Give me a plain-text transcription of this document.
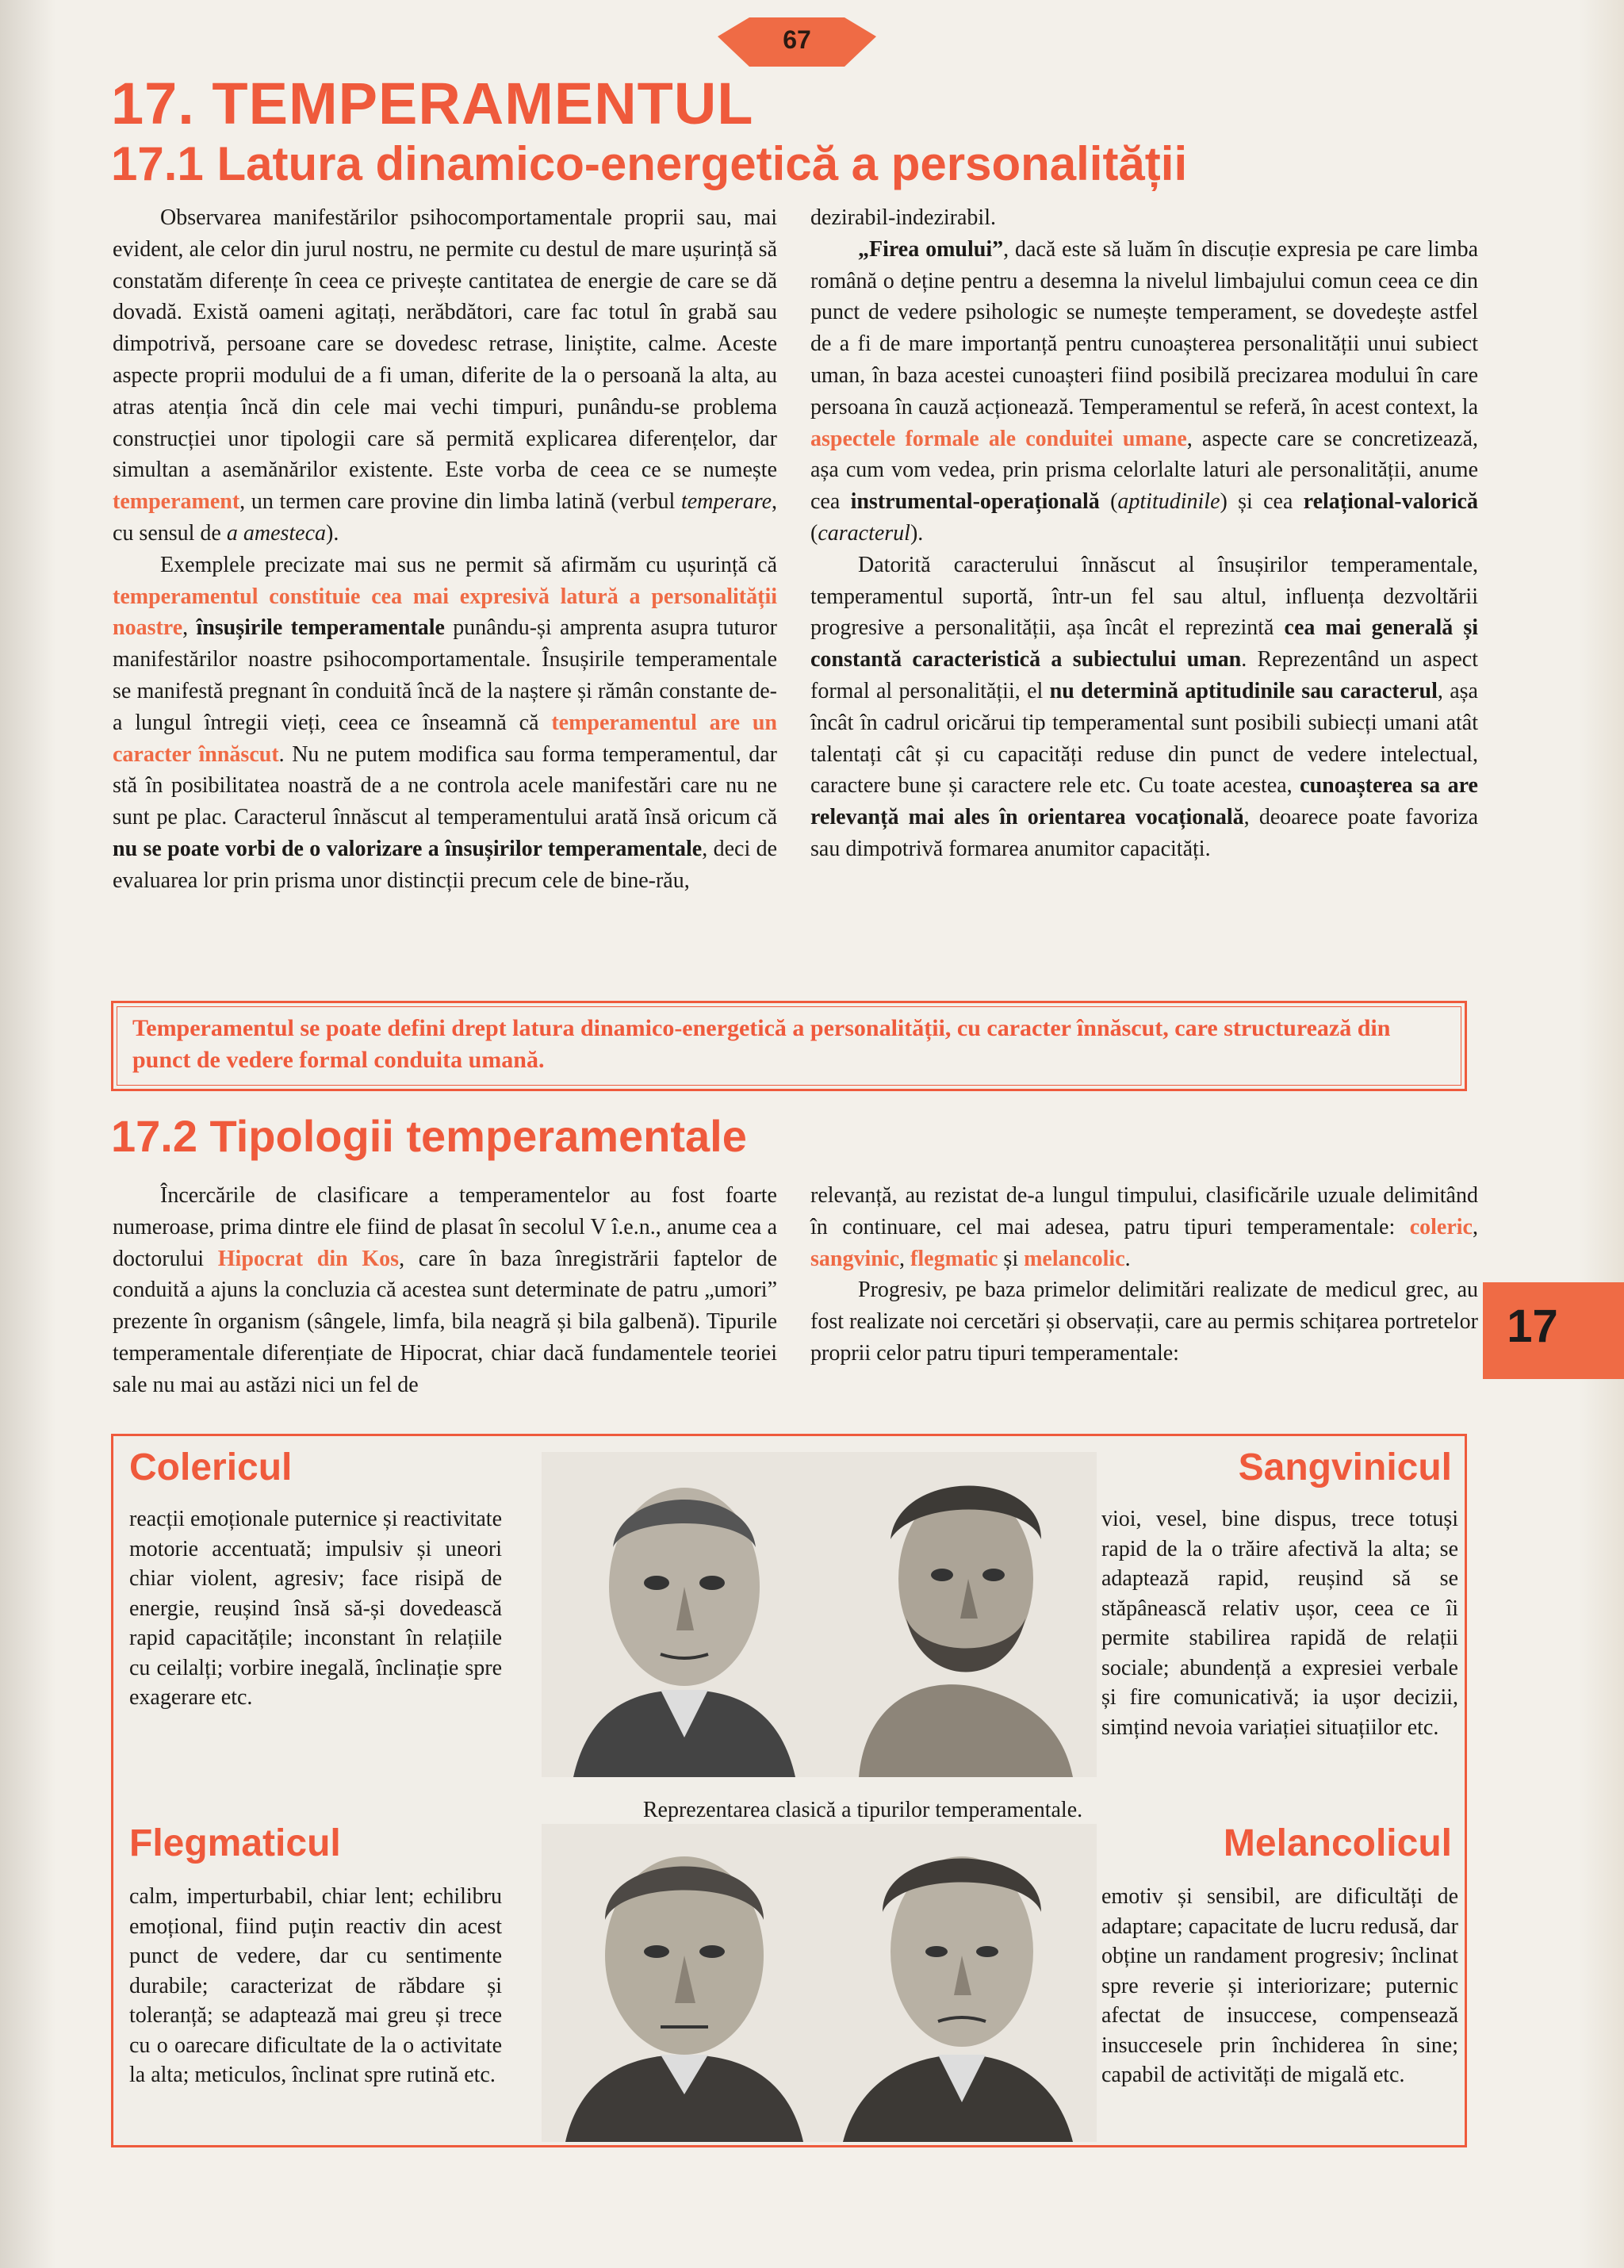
67
17. TEMPERAMENTUL
17.1 Latura dinamico-energetică a personalității

Observarea manifestărilor psihocomportamentale proprii sau, mai evident, ale celor din jurul nostru, ne permite cu destul de mare ușurință să constatăm diferențe în ceea ce privește cantitatea de energie de care se dă dovadă. Există oameni agitați, nerăbdători, care fac totul în grabă sau dimpotrivă, persoane care se dovedesc retrase, liniștite, calme. Aceste aspecte proprii modului de a fi uman, diferite de la o persoană la alta, au atras atenția încă din cele mai vechi timpuri, punându-se problema construcției unor tipologii care să permită explicarea diferențelor, dar simultan a asemănărilor existente. Este vorba de ceea ce se numește temperament, un termen care provine din limba latină (verbul temperare, cu sensul de a amesteca).

Exemplele precizate mai sus ne permit să afirmăm cu ușurință că temperamentul constituie cea mai expresivă latură a personalității noastre, însușirile temperamentale punându-și amprenta asupra tuturor manifestărilor noastre psihocomportamentale. Însușirile temperamentale se manifestă pregnant în conduită încă de la naștere și rămân constante de-a lungul întregii vieți, ceea ce înseamnă că temperamentul are un caracter înnăscut. Nu ne putem modifica sau forma temperamentul, dar stă în posibilitatea noastră de a ne controla acele manifestări care nu ne sunt pe plac. Caracterul înnăscut al temperamentului arată însă oricum că nu se poate vorbi de o valorizare a însușirilor temperamentale, deci de evaluarea lor prin prisma unor distincții precum cele de bine-rău,

dezirabil-indezirabil.

„Firea omului”, dacă este să luăm în discuție expresia pe care limba română o deține pentru a desemna la nivelul limbajului comun ceea ce din punct de vedere psihologic se numește temperament, se dovedește astfel de a fi de mare importanță pentru cunoașterea personalității unui subiect uman, în baza acestei cunoașteri fiind posibilă precizarea modului în care persoana în cauză acționează. Temperamentul se referă, în acest context, la aspectele formale ale conduitei umane, aspecte care se concretizează, așa cum vom vedea, prin prisma celorlalte laturi ale personalității, anume cea instrumental-operațională (aptitudinile) și cea relațional-valorică (caracterul).

Datorită caracterului înnăscut al însușirilor temperamentale, temperamentul suportă, într-un fel sau altul, influența dezvoltării progresive a personalității, așa încât el reprezintă cea mai generală și constantă caracteristică a subiectului uman. Reprezentând un aspect formal al personalității, el nu determină aptitudinile sau caracterul, așa încât în cadrul oricărui tip temperamental sunt posibili subiecți umani atât talentați cât și cu capacități reduse din punct de vedere intelectual, caractere bune și caractere rele etc. Cu toate acestea, cunoașterea sa are relevanță mai ales în orientarea vocațională, deoarece poate favoriza sau dimpotrivă formarea anumitor capacități.

Temperamentul se poate defini drept latura dinamico-energetică a personalității, cu caracter înnăscut, care structurează din punct de vedere formal conduita umană.
17.2 Tipologii temperamentale

Încercările de clasificare a temperamentelor au fost foarte numeroase, prima dintre ele fiind de plasat în secolul V î.e.n., anume cea a doctorului Hipocrat din Kos, care în baza înregistrării faptelor de conduită a ajuns la concluzia că acestea sunt determinate de patru „umori” prezente în organism (sângele, limfa, bila neagră și bila galbenă). Tipurile temperamentale diferențiate de Hipocrat, chiar dacă fundamentele teoriei sale nu mai au astăzi nici un fel de

relevanță, au rezistat de-a lungul timpului, clasificările uzuale delimitând în continuare, cel mai adesea, patru tipuri temperamentale: coleric, sangvinic, flegmatic și melancolic.

Progresiv, pe baza primelor delimitări realizate de medicul grec, au fost realizate noi cercetări și observații, care au permis schițarea portretelor proprii celor patru tipuri temperamentale:

17
Colericul
reacții emoționale puternice și reactivitate motorie accentuată; impulsiv și uneori chiar violent, agresiv; face risipă de energie, reușind însă să-și dovedească rapid capacitățile; inconstant în relațiile cu ceilalți; vorbire inegală, înclinație spre exagerare etc.
Sangvinicul
vioi, vesel, bine dispus, trece totuși rapid de la o trăire afectivă la alta; se adaptează rapid, reușind să se stăpânească relativ ușor, ceea ce îi permite stabilirea rapidă de relații sociale; abundență a expresiei verbale și fire comunicativă; ia ușor decizii, simțind nevoia variației situațiilor etc.
Flegmaticul
calm, imperturbabil, chiar lent; echilibru emoțional, fiind puțin reactiv din acest punct de vedere, dar cu sentimente durabile; caracterizat de răbdare și toleranță; se adaptează mai greu și trece cu o oarecare dificultate de la o activitate la alta; meticulos, înclinat spre rutină etc.
Melancolicul
emotiv și sensibil, are dificultăți de adaptare; capacitate de lucru redusă, dar obține un randament progresiv; înclinat spre reverie și interiorizare; puternic afectat de insuccese, compensează insuccesele prin închiderea în sine; capabil de activități de migală etc.
Reprezentarea clasică a tipurilor temperamentale.
